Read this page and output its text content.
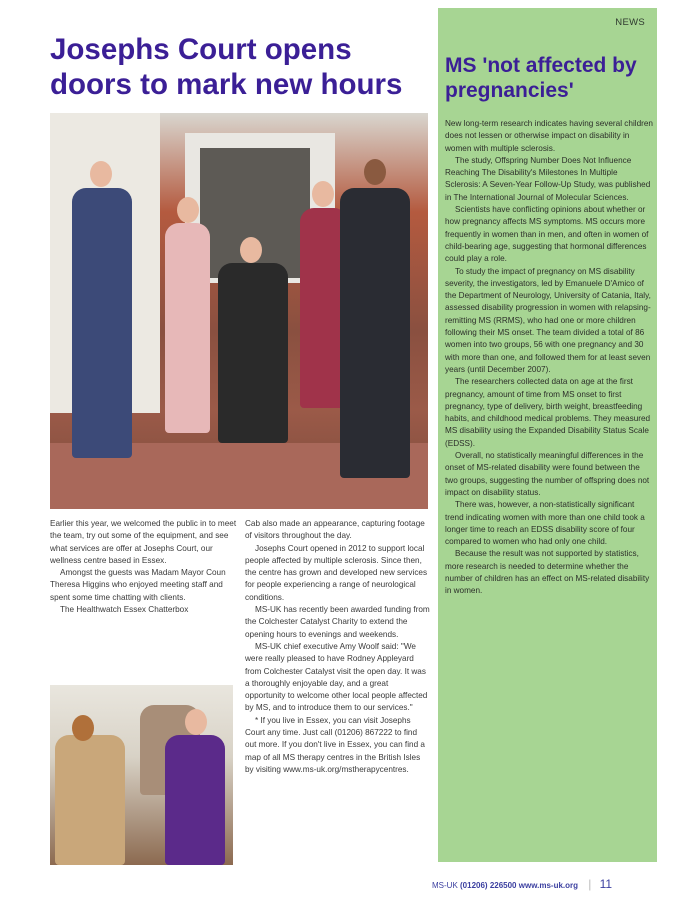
Josephs Court opens doors to mark new hours

Earlier this year, we welcomed the public in to meet the team, try out some of the equipment, and see what services are offer at Josephs Court, our wellness centre based in Essex.

Amongst the guests was Madam Mayor Coun Theresa Higgins who enjoyed meeting staff and spent some time chatting with clients.

The Healthwatch Essex Chatterbox

Cab also made an appearance, capturing footage of visitors throughout the day.

Josephs Court opened in 2012 to support local people affected by multiple sclerosis. Since then, the centre has grown and developed new services for people experiencing a range of neurological conditions.

MS-UK has recently been awarded funding from the Colchester Catalyst Charity to extend the opening hours to evenings and weekends.

MS-UK chief executive Amy Woolf said: "We were really pleased to have Rodney Appleyard from Colchester Catalyst visit the open day. It was a thoroughly enjoyable day, and a great opportunity to welcome other local people affected by MS, and to introduce them to our services."

* If you live in Essex, you can visit Josephs Court any time. Just call (01206) 867222 to find out more. If you don't live in Essex, you can find a map of all MS therapy centres in the British Isles by visiting www.ms-uk.org/mstherapycentres.

NEWS
MS 'not affected by pregnancies'

New long-term research indicates having several children does not lessen or otherwise impact on disability in women with multiple sclerosis.

The study, Offspring Number Does Not Influence Reaching The Disability's Milestones In Multiple Sclerosis: A Seven-Year Follow-Up Study, was published in The International Journal of Molecular Sciences.

Scientists have conflicting opinions about whether or how pregnancy affects MS symptoms. MS occurs more frequently in women than in men, and often in women of child-bearing age, suggesting that hormonal differences could play a role.

To study the impact of pregnancy on MS disability severity, the investigators, led by Emanuele D'Amico of the Department of Neurology, University of Catania, Italy, assessed disability progression in women with relapsing-remitting MS (RRMS), who had one or more children following their MS onset. The team divided a total of 86 women into two groups, 56 with one pregnancy and 30 with more than one, and followed them for at least seven years (until December 2007).

The researchers collected data on age at the first pregnancy, amount of time from MS onset to first pregnancy, type of delivery, birth weight, breastfeeding habits, and childhood medical problems. They measured MS disability using the Expanded Disability Status Scale (EDSS).

Overall, no statistically meaningful differences in the onset of MS-related disability were found between the two groups, suggesting the number of offspring does not impact on disability status.

There was, however, a non-statistically significant trend indicating women with more than one child took a longer time to reach an EDSS disability score of four compared to women who had only one child.

Because the result was not supported by statistics, more research is needed to determine whether the number of children has an effect on MS-related disability in women.

MS-UK (01206) 226500 www.ms-uk.org | 11
